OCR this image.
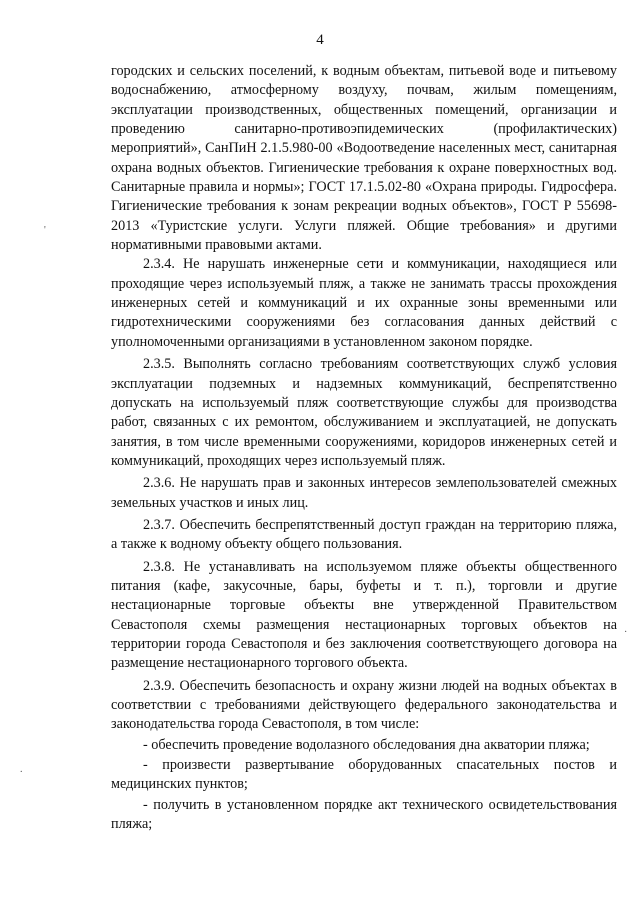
4
'
.
·

городских и сельских поселений, к водным объектам, питьевой воде и питьевому водоснабжению, атмосферному воздуху, почвам, жилым помещениям, эксплуатации производственных, общественных помещений, организации и проведению санитарно-противоэпидемических (профилактических) мероприятий», СанПиН 2.1.5.980-00 «Водоотведение населенных мест, санитарная охрана водных объектов. Гигиенические требования к охране поверхностных вод. Санитарные правила и нормы»; ГОСТ 17.1.5.02-80 «Охрана природы. Гидросфера. Гигиенические требования к зонам рекреации водных объектов», ГОСТ Р 55698-2013 «Туристские услуги. Услуги пляжей. Общие требования» и другими нормативными правовыми актами.

2.3.4. Не нарушать инженерные сети и коммуникации, находящиеся или проходящие через используемый пляж, а также не занимать трассы прохождения инженерных сетей и коммуникаций и их охранные зоны временными или гидротехническими сооружениями без согласования данных действий с уполномоченными организациями в установленном законом порядке.

2.3.5. Выполнять согласно требованиям соответствующих служб условия эксплуатации подземных и надземных коммуникаций, беспрепятственно допускать на используемый пляж соответствующие службы для производства работ, связанных с их ремонтом, обслуживанием и эксплуатацией, не допускать занятия, в том числе временными сооружениями, коридоров инженерных сетей и коммуникаций, проходящих через используемый пляж.

2.3.6. Не нарушать прав и законных интересов землепользователей смежных земельных участков и иных лиц.

2.3.7. Обеспечить беспрепятственный доступ граждан на территорию пляжа, а также к водному объекту общего пользования.

2.3.8. Не устанавливать на используемом пляже объекты общественного питания (кафе, закусочные, бары, буфеты и т. п.), торговли и другие нестационарные торговые объекты вне утвержденной Правительством Севастополя схемы размещения нестационарных торговых объектов на территории города Севастополя и без заключения соответствующего договора на размещение нестационарного торгового объекта.

2.3.9. Обеспечить безопасность и охрану жизни людей на водных объектах в соответствии с требованиями действующего федерального законодательства и законодательства города Севастополя, в том числе:

- обеспечить проведение водолазного обследования дна акватории пляжа;

- произвести развертывание оборудованных спасательных постов и медицинских пунктов;

- получить в установленном порядке акт технического освидетельствования пляжа;
